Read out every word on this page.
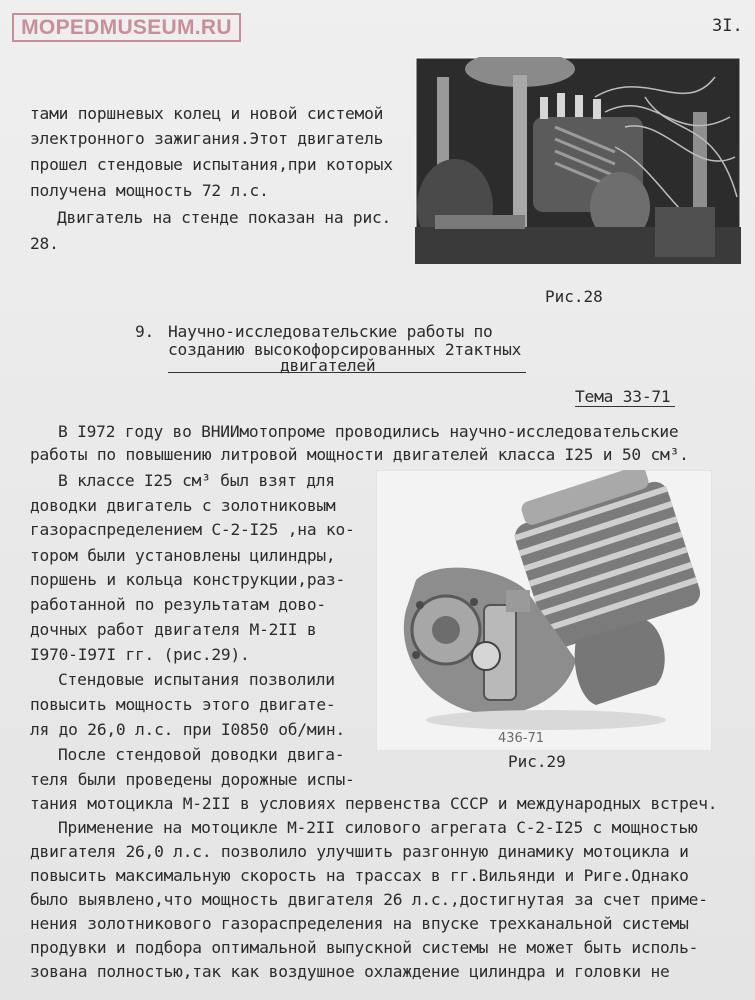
MOPEDMUSEUM.RU	3I.
тами поршневых колец и новой системой
электронного зажигания.Этот двигатель
прошел стендовые испытания,при которых
получена мощность 72 л.с.
Двигатель на стенде показан на рис.
28.
Рис.28
9. Научно-исследовательские работы по
созданию высокофорсированных 2тактных
двигателей
Тема 33-71
В I972 году во ВНИИмотопроме проводились научно-исследовательские
работы по повышению литровой мощности двигателей класса I25 и 50 см³.
В классе I25 см³ был взят для
доводки двигатель с золотниковым
газораспределением С-2-I25 ,на ко-
тором были установлены цилиндры,
поршень и кольца конструкции,раз-
работанной по результатам дово-
дочных работ двигателя М-2II в
I970-I97I гг. (рис.29).
Стендовые испытания позволили
повысить мощность этого двигате-
ля до 26,0 л.с. при I0850 об/мин.
После стендовой доводки двига-
теля были проведены дорожные испы-
436-71
Рис.29
тания мотоцикла М-2II в условиях первенства СССР и международных встреч.
Применение на мотоцикле М-2II силового агрегата С-2-I25 с мощностью
двигателя 26,0 л.с. позволило улучшить разгонную динамику мотоцикла и
повысить максимальную скорость на трассах в гг.Вильянди и Риге.Однако
было выявлено,что мощность двигателя 26 л.с.,достигнутая за счет приме-
нения золотникового газораспределения на впуске трехканальной системы
продувки и подбора оптимальной выпускной системы не может быть исполь-
зована полностью,так как воздушное охлаждение цилиндра и головки не
